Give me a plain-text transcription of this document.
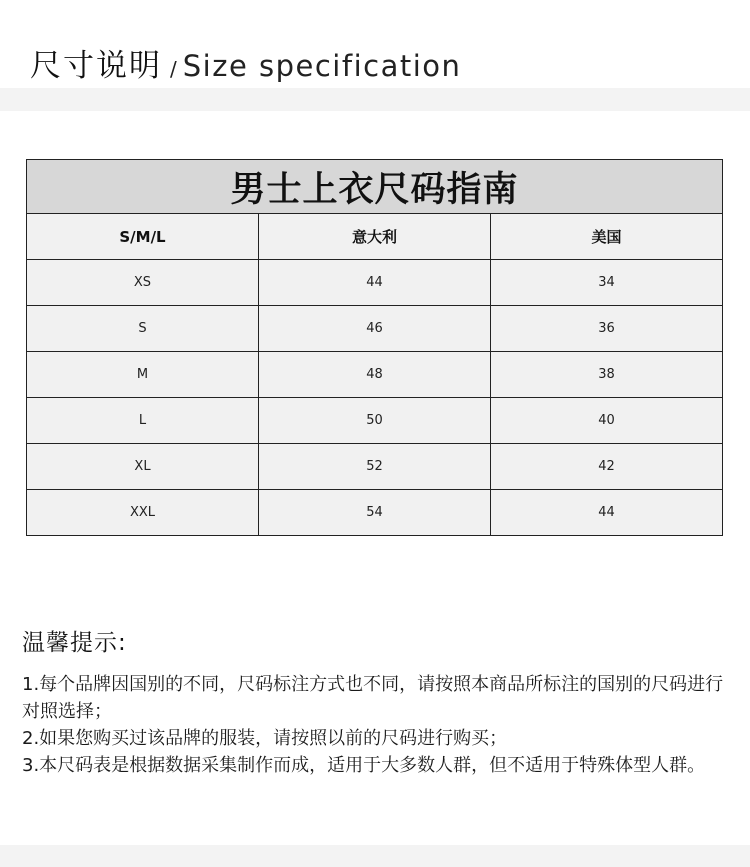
尺寸说明 / Size specification
男士上衣尺码指南		
S/M/L	意大利	美国
XS	44	34
S	46	36
M	48	38
L	50	40
XL	52	42
XXL	54	44

温馨提示:

1.每个品牌因国别的不同，尺码标注方式也不同，请按照本商品所标注的国别的尺码进行对照选择；

2.如果您购买过该品牌的服装，请按照以前的尺码进行购买；

3.本尺码表是根据数据采集制作而成，适用于大多数人群，但不适用于特殊体型人群。
